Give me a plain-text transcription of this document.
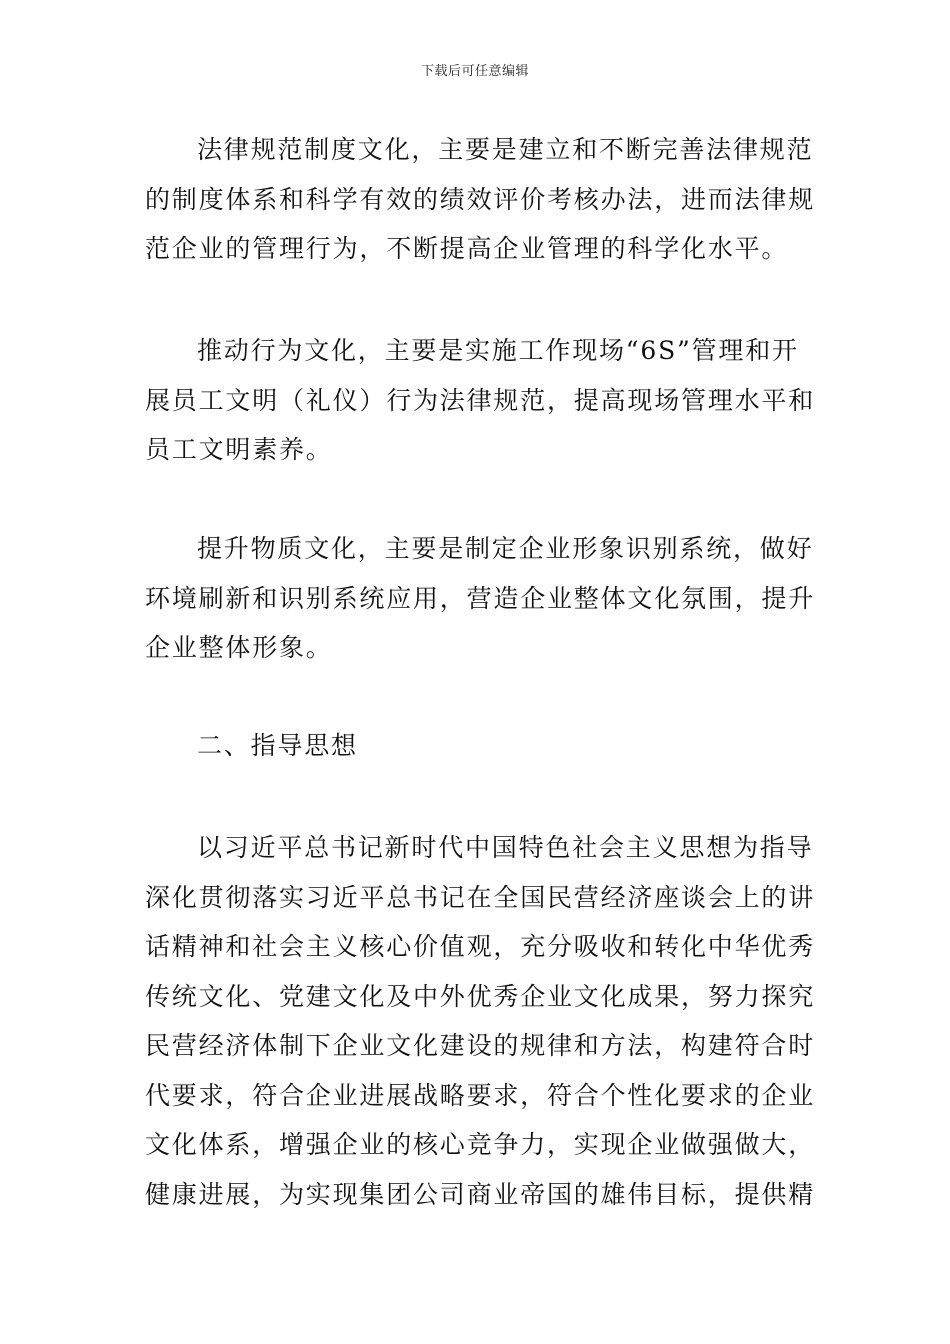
下载后可任意编辑
法律规范制度文化，主要是建立和不断完善法律规范
的制度体系和科学有效的绩效评价考核办法，进而法律规
范企业的管理行为，不断提高企业管理的科学化水平。
推动行为文化，主要是实施工作现场“6S”管理和开
展员工文明（礼仪）行为法律规范，提高现场管理水平和
员工文明素养。
提升物质文化，主要是制定企业形象识别系统，做好
环境刷新和识别系统应用，营造企业整体文化氛围，提升
企业整体形象。
二、指导思想
以习近平总书记新时代中国特色社会主义思想为指导
深化贯彻落实习近平总书记在全国民营经济座谈会上的讲
话精神和社会主义核心价值观，充分吸收和转化中华优秀
传统文化、党建文化及中外优秀企业文化成果，努力探究
民营经济体制下企业文化建设的规律和方法，构建符合时
代要求，符合企业进展战略要求，符合个性化要求的企业
文化体系，增强企业的核心竞争力，实现企业做强做大，
健康进展，为实现集团公司商业帝国的雄伟目标，提供精
